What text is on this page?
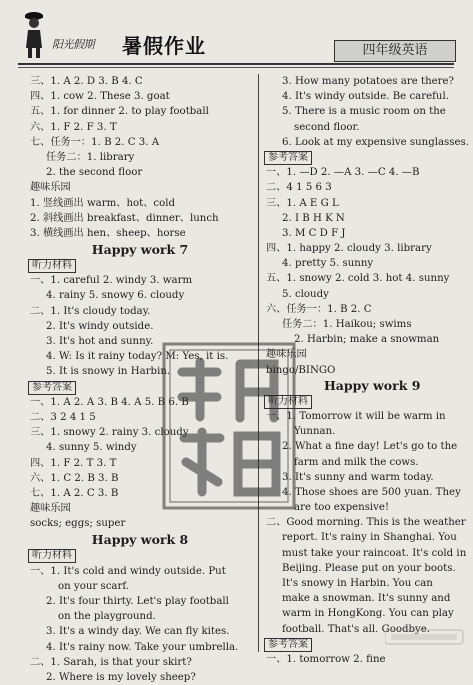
阳光假期 暑假作业	四年级英语
三、1. A 2. D 3. B 4. C
四、1. cow 2. These 3. goat
五、1. for dinner 2. to play football
六、1. F 2. F 3. T
七、任务一：1. B 2. C 3. A
任务二：1. library
2. the second floor
趣味乐园
1. 竖线画出 warm、hot、cold
2. 斜线画出 breakfast、dinner、lunch
3. 横线画出 hen、sheep、horse
Happy work 7
听力材料
一、1. careful 2. windy 3. warm
4. rainy 5. snowy 6. cloudy
二、1. It's cloudy today.
2. It's windy outside.
3. It's hot and sunny.
4. W: Is it rainy today? M: Yes, it is.
5. It is snowy in Harbin.
参考答案
一、1. A 2. A 3. B 4. A 5. B 6. B
二、3 2 4 1 5
三、1. snowy 2. rainy 3. cloudy
4. sunny 5. windy
四、1. F 2. T 3. T
六、1. C 2. B 3. B
七、1. A 2. C 3. B
趣味乐园
socks; eggs; super
Happy work 8
听力材料
一、1. It's cold and windy outside. Put
on your scarf.
2. It's four thirty. Let's play football
on the playground.
3. It's a windy day. We can fly kites.
4. It's rainy now. Take your umbrella.
二、1. Sarah, is that your skirt?
2. Where is my lovely sheep?
3. How many potatoes are there?
4. It's windy outside. Be careful.
5. There is a music room on the
second floor.
6. Look at my expensive sunglasses.
参考答案
一、1. —D 2. —A 3. —C 4. —B
二、4 1 5 6 3
三、1. A E G L
2. I B H K N
3. M C D F J
四、1. happy 2. cloudy 3. library
4. pretty 5. sunny
五、1. snowy 2. cold 3. hot 4. sunny
5. cloudy
六、任务一：1. B 2. C
任务二：1. Haikou; swims
2. Harbin; make a snowman
趣味乐园
bingo/BINGO
Happy work 9
听力材料
一、1. Tomorrow it will be warm in
Yunnan.
2. What a fine day! Let's go to the
farm and milk the cows.
3. It's sunny and warm today.
4. Those shoes are 500 yuan. They
are too expensive!
二、Good morning. This is the weather
report. It's rainy in Shanghai. You
must take your raincoat. It's cold in
Beijing. Please put on your boots.
It's snowy in Harbin. You can
make a snowman. It's sunny and
warm in HongKong. You can play
football. That's all. Goodbye.
参考答案
一、1. tomorrow 2. fine
